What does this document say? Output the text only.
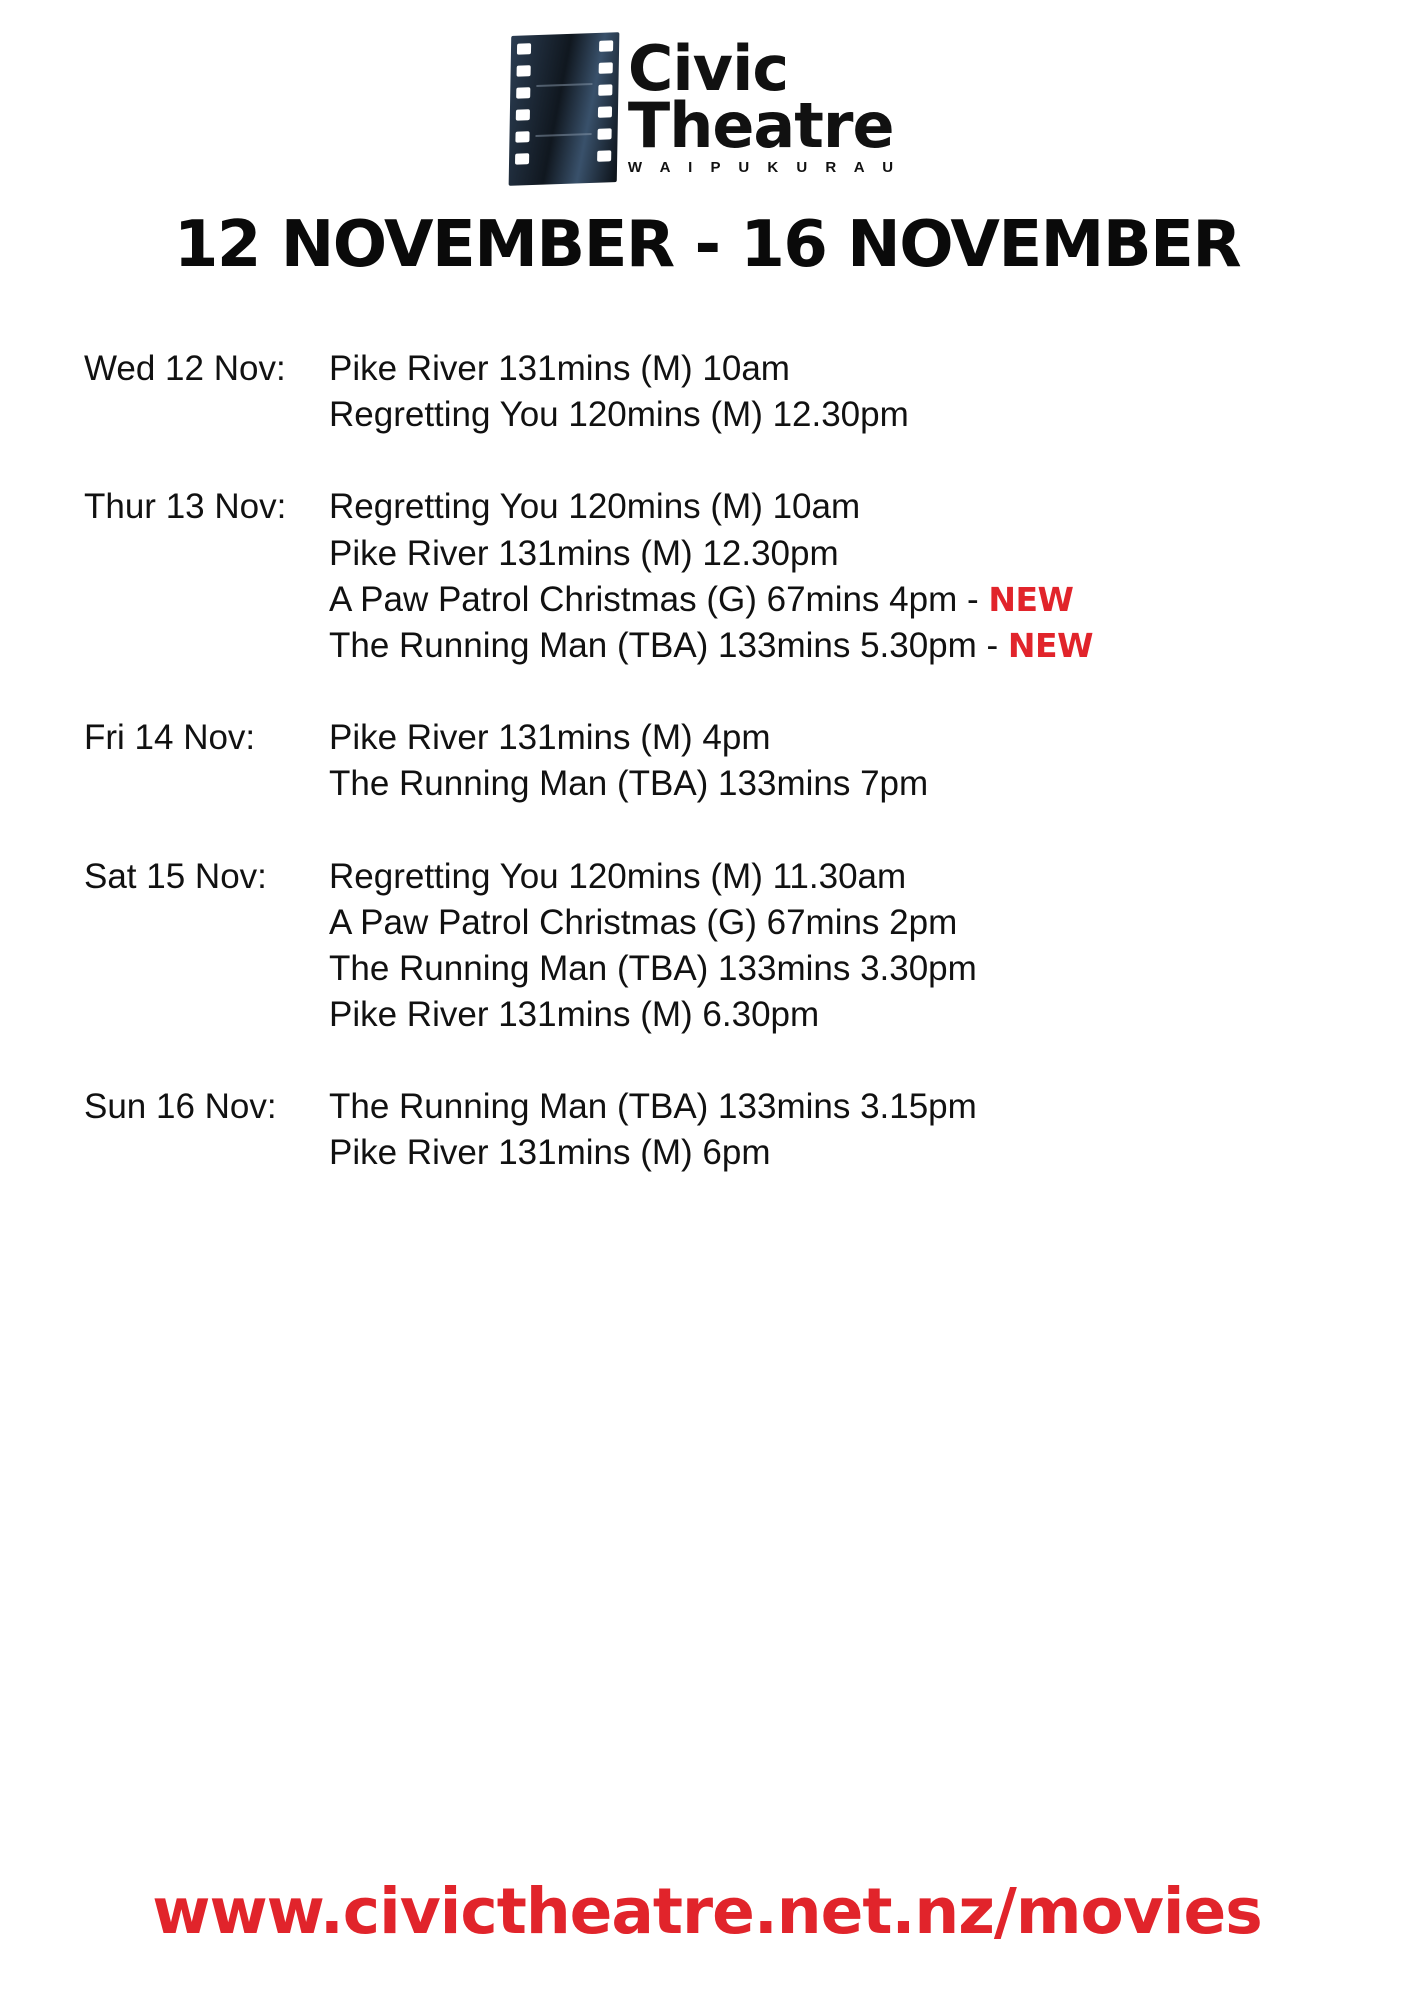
Civic
Theatre
W A I P U K U R A U
12 NOVEMBER - 16 NOVEMBER
Wed 12 Nov:	Pike River 131mins (M) 10am
Regretting You 120mins (M) 12.30pm
Thur 13 Nov:	Regretting You 120mins (M) 10am
Pike River 131mins (M) 12.30pm
A Paw Patrol Christmas (G) 67mins 4pm - NEW
The Running Man (TBA) 133mins 5.30pm - NEW
Fri 14 Nov:	Pike River 131mins (M) 4pm
The Running Man (TBA) 133mins 7pm
Sat 15 Nov:	Regretting You 120mins (M) 11.30am
A Paw Patrol Christmas (G) 67mins 2pm
The Running Man (TBA) 133mins 3.30pm
Pike River 131mins (M) 6.30pm
Sun 16 Nov:	The Running Man (TBA) 133mins 3.15pm
Pike River 131mins (M) 6pm
www.civictheatre.net.nz/movies
